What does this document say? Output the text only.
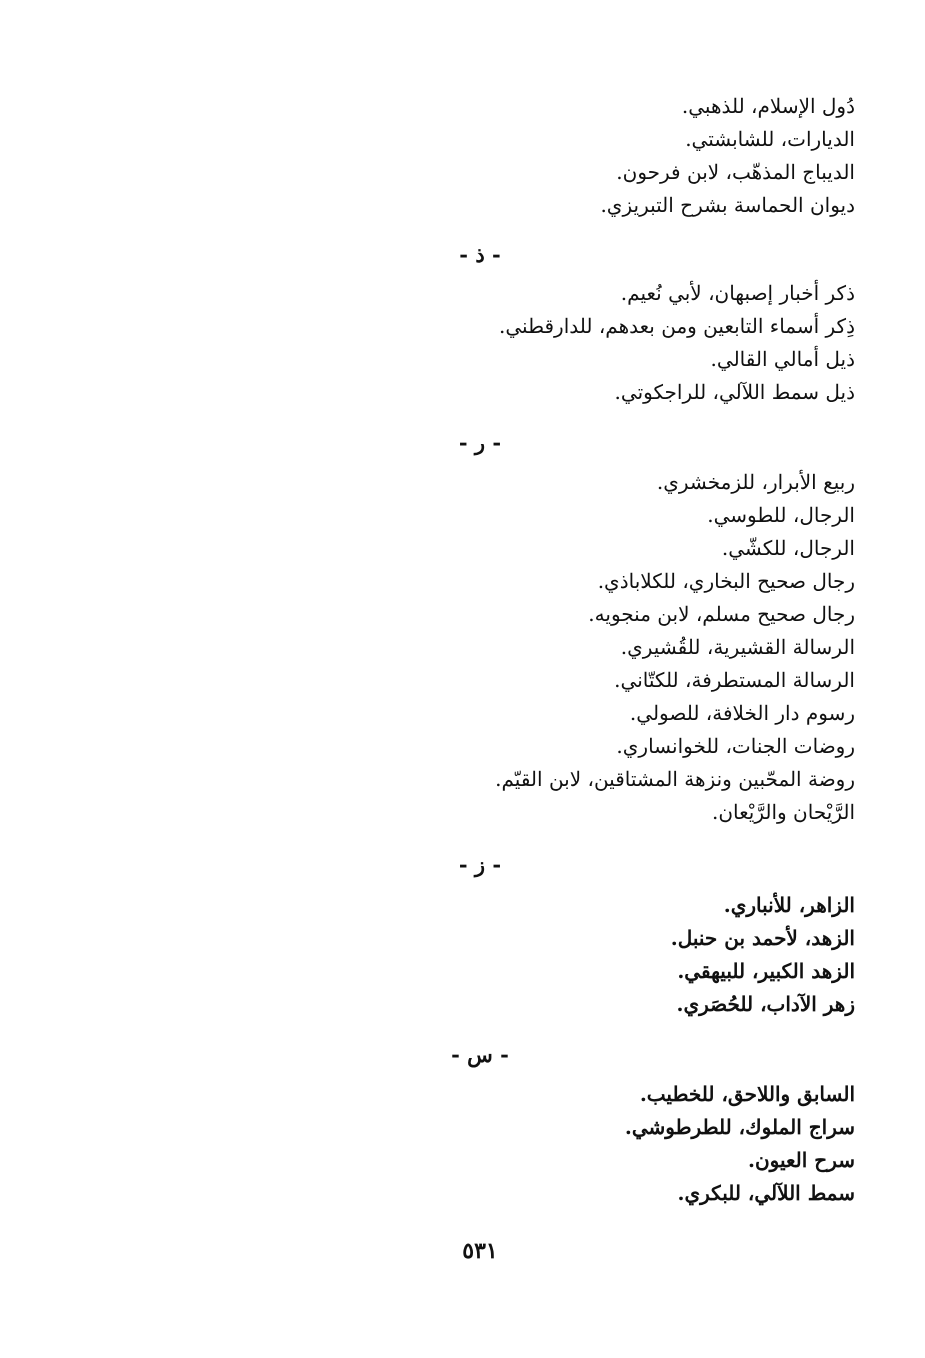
دُول الإسلام، للذهبي.
الديارات، للشابشتي.
الديباج المذهّب، لابن فرحون.
ديوان الحماسة بشرح التبريزي.
- ذ -
ذكر أخبار إصبهان، لأبي نُعيم.
ذِكر أسماء التابعين ومن بعدهم، للدارقطني.
ذيل أمالي القالي.
ذيل سمط اللآلي، للراجكوتي.
- ر -
ربيع الأبرار، للزمخشري.
الرجال، للطوسي.
الرجال، للكشّي.
رجال صحيح البخاري، للكلاباذي.
رجال صحيح مسلم، لابن منجويه.
الرسالة القشيرية، للقُشيري.
الرسالة المستطرفة، للكتّاني.
رسوم دار الخلافة، للصولي.
روضات الجنات، للخوانساري.
روضة المحّبين ونزهة المشتاقين، لابن القيّم.
الرَّيْحان والرَّيْعان.
- ز -
الزاهر، للأنباري.
الزهد، لأحمد بن حنبل.
الزهد الكبير، للبيهقي.
زهر الآداب، للحُصَري.
- س -
السابق واللاحق، للخطيب.
سراج الملوك، للطرطوشي.
سرح العيون.
سمط اللآلي، للبكري.
٥٣١
